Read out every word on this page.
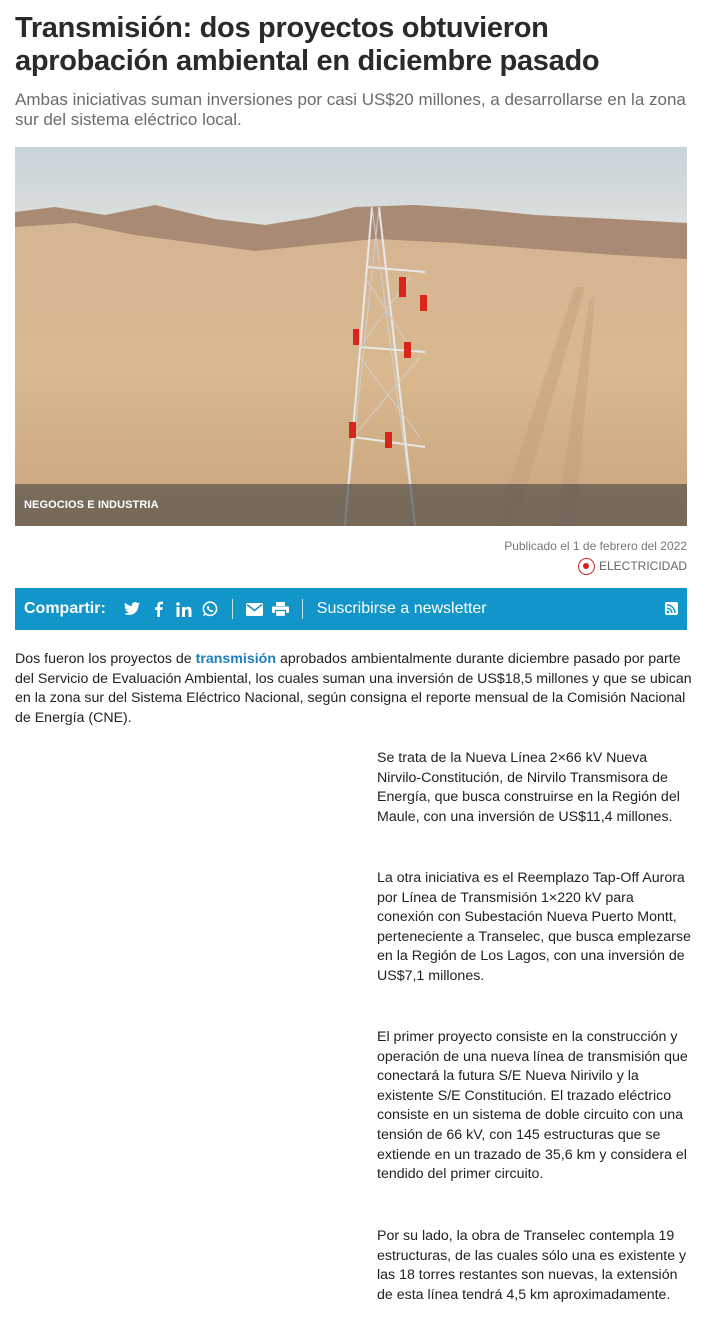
Transmisión: dos proyectos obtuvieron aprobación ambiental en diciembre pasado

Ambas iniciativas suman inversiones por casi US$20 millones, a desarrollarse en la zona sur del sistema eléctrico local.

NEGOCIOS E INDUSTRIA
Publicado el 1 de febrero del 2022
ELECTRICIDAD
Compartir:	Suscribirse a newsletter

Dos fueron los proyectos de transmisión aprobados ambientalmente durante diciembre pasado por parte del Servicio de Evaluación Ambiental, los cuales suman una inversión de US$18,5 millones y que se ubican en la zona sur del Sistema Eléctrico Nacional, según consigna el reporte mensual de la Comisión Nacional de Energía (CNE).

Se trata de la Nueva Línea 2×66 kV Nueva Nirvilo-Constitución, de Nirvilo Transmisora de Energía, que busca construirse en la Región del Maule, con una inversión de US$11,4 millones.

La otra iniciativa es el Reemplazo Tap-Off Aurora por Línea de Transmisión 1×220 kV para conexión con Subestación Nueva Puerto Montt, perteneciente a Transelec, que busca emplezarse en la Región de Los Lagos, con una inversión de US$7,1 millones.

El primer proyecto consiste en la construcción y operación de una nueva línea de transmisión que conectará la futura S/E Nueva Nirivilo y la existente S/E Constitución. El trazado eléctrico consiste en un sistema de doble circuito con una tensión de 66 kV, con 145 estructuras que se extiende en un trazado de 35,6 km y considera el tendido del primer circuito.

Por su lado, la obra de Transelec contempla 19 estructuras, de las cuales sólo una es existente y las 18 torres restantes son nuevas, la extensión de esta línea tendrá 4,5 km aproximadamente.
